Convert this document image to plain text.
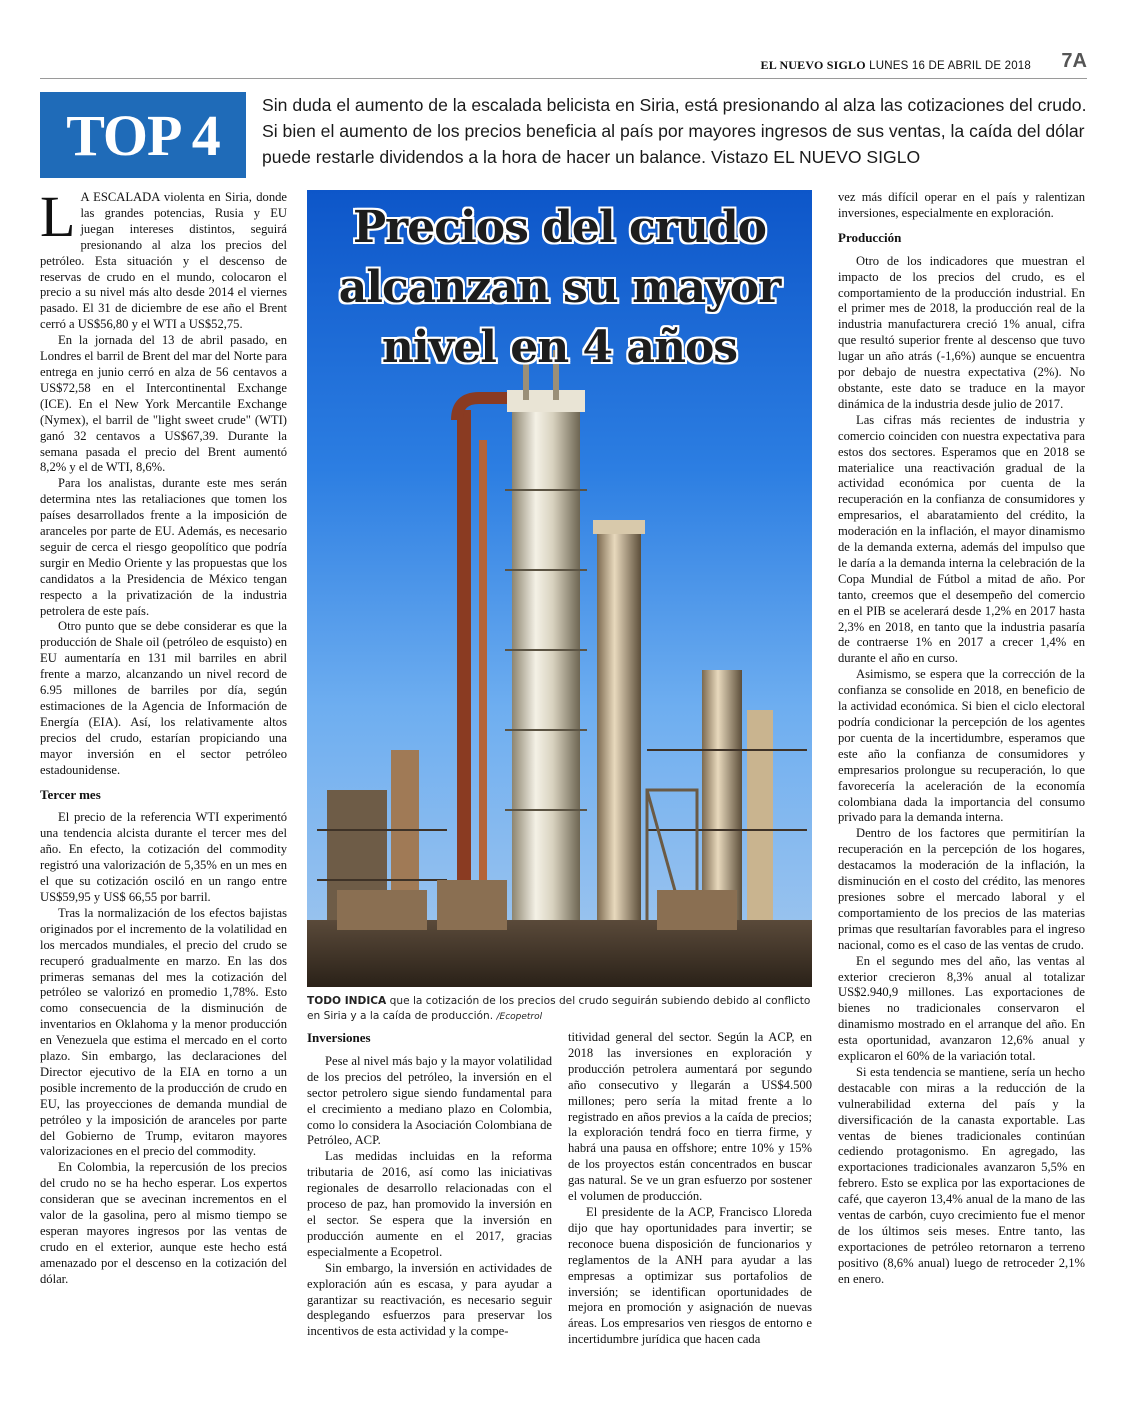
EL NUEVO SIGLO LUNES 16 DE ABRIL DE 2018 7A
TOP 4	Sin duda el aumento de la escalada belicista en Siria, está presionando al alza las cotizaciones del crudo. Si bien el aumento de los precios beneficia al país por mayores ingresos de sus ventas, la caída del dólar puede restarle dividendos a la hora de hacer un balance. Vistazo EL NUEVO SIGLO

L A ESCALADA violenta en Siria, donde las grandes potencias, Rusia y EU juegan intereses distintos, seguirá presionando al alza los precios del petróleo. Esta situación y el descenso de reservas de crudo en el mundo, colocaron el precio a su nivel más alto desde 2014 el viernes pasado. El 31 de diciembre de ese año el Brent cerró a US$56,80 y el WTI a US$52,75.

En la jornada del 13 de abril pasado, en Londres el barril de Brent del mar del Norte para entrega en junio cerró en alza de 56 centavos a US$72,58 en el Intercontinental Exchange (ICE). En el New York Mercantile Exchange (Nymex), el barril de "light sweet crude" (WTI) ganó 32 centavos a US$67,39. Durante la semana pasada el precio del Brent aumentó 8,2% y el de WTI, 8,6%.

Para los analistas, durante este mes serán determina ntes las retaliaciones que tomen los países desarrollados frente a la imposición de aranceles por parte de EU. Además, es necesario seguir de cerca el riesgo geopolítico que podría surgir en Medio Oriente y las propuestas que los candidatos a la Presidencia de México tengan respecto a la privatización de la industria petrolera de este país.

Otro punto que se debe considerar es que la producción de Shale oil (petróleo de esquisto) en EU aumentaría en 131 mil barriles en abril frente a marzo, alcanzando un nivel record de 6.95 millones de barriles por día, según estimaciones de la Agencia de Información de Energía (EIA). Así, los relativamente altos precios del crudo, estarían propiciando una mayor inversión en el sector petróleo estadounidense.

Tercer mes

El precio de la referencia WTI experimentó una tendencia alcista durante el tercer mes del año. En efecto, la cotización del commodity registró una valorización de 5,35% en un mes en el que su cotización osciló en un rango entre US$59,95 y US$ 66,55 por barril.

Tras la normalización de los efectos bajistas originados por el incremento de la volatilidad en los mercados mundiales, el precio del crudo se recuperó gradualmente en marzo. En las dos primeras semanas del mes la cotización del petróleo se valorizó en promedio 1,78%. Esto como consecuencia de la disminución de inventarios en Oklahoma y la menor producción en Venezuela que estima el mercado en el corto plazo. Sin embargo, las declaraciones del Director ejecutivo de la EIA en torno a un posible incremento de la producción de crudo en EU, las proyecciones de demanda mundial de petróleo y la imposición de aranceles por parte del Gobierno de Trump, evitaron mayores valorizaciones en el precio del commodity.

En Colombia, la repercusión de los precios del crudo no se ha hecho esperar. Los expertos consideran que se avecinan incrementos en el valor de la gasolina, pero al mismo tiempo se esperan mayores ingresos por las ventas de crudo en el exterior, aunque este hecho está amenazado por el descenso en la cotización del dólar.

Precios del crudo
alcanzan su mayor
nivel en 4 años
TODO INDICA que la cotización de los precios del crudo seguirán subiendo debido al conflicto en Siria y a la caída de producción. /Ecopetrol
Inversiones

Pese al nivel más bajo y la mayor volatilidad de los precios del petróleo, la inversión en el sector petrolero sigue siendo fundamental para el crecimiento a mediano plazo en Colombia, como lo considera la Asociación Colombiana de Petróleo, ACP.

Las medidas incluidas en la reforma tributaria de 2016, así como las iniciativas regionales de desarrollo relacionadas con el proceso de paz, han promovido la inversión en el sector. Se espera que la inversión en producción aumente en el 2017, gracias especialmente a Ecopetrol.

Sin embargo, la inversión en actividades de exploración aún es escasa, y para ayudar a garantizar su reactivación, es necesario seguir desplegando esfuerzos para preservar los incentivos de esta actividad y la compe-

titividad general del sector. Según la ACP, en 2018 las inversiones en exploración y producción petrolera aumentará por segundo año consecutivo y llegarán a US$4.500 millones; pero sería la mitad frente a lo registrado en años previos a la caída de precios; la exploración tendrá foco en tierra firme, y habrá una pausa en offshore; entre 10% y 15% de los proyectos están concentrados en buscar gas natural. Se ve un gran esfuerzo por sostener el volumen de producción.

El presidente de la ACP, Francisco Lloreda dijo que hay oportunidades para invertir; se reconoce buena disposición de funcionarios y reglamentos de la ANH para ayudar a las empresas a optimizar sus portafolios de inversión; se identifican oportunidades de mejora en promoción y asignación de nuevas áreas. Los empresarios ven riesgos de entorno e incertidumbre jurídica que hacen cada

vez más difícil operar en el país y ralentizan inversiones, especialmente en exploración.

Producción

Otro de los indicadores que muestran el impacto de los precios del crudo, es el comportamiento de la producción industrial. En el primer mes de 2018, la producción real de la industria manufacturera creció 1% anual, cifra que resultó superior frente al descenso que tuvo lugar un año atrás (-1,6%) aunque se encuentra por debajo de nuestra expectativa (2%). No obstante, este dato se traduce en la mayor dinámica de la industria desde julio de 2017.

Las cifras más recientes de industria y comercio coinciden con nuestra expectativa para estos dos sectores. Esperamos que en 2018 se materialice una reactivación gradual de la actividad económica por cuenta de la recuperación en la confianza de consumidores y empresarios, el abaratamiento del crédito, la moderación en la inflación, el mayor dinamismo de la demanda externa, además del impulso que le daría a la demanda interna la celebración de la Copa Mundial de Fútbol a mitad de año. Por tanto, creemos que el desempeño del comercio en el PIB se acelerará desde 1,2% en 2017 hasta 2,3% en 2018, en tanto que la industria pasaría de contraerse 1% en 2017 a crecer 1,4% en durante el año en curso.

Asimismo, se espera que la corrección de la confianza se consolide en 2018, en beneficio de la actividad económica. Si bien el ciclo electoral podría condicionar la percepción de los agentes por cuenta de la incertidumbre, esperamos que este año la confianza de consumidores y empresarios prolongue su recuperación, lo que favorecería la aceleración de la economía colombiana dada la importancia del consumo privado para la demanda interna.

Dentro de los factores que permitirían la recuperación en la percepción de los hogares, destacamos la moderación de la inflación, la disminución en el costo del crédito, las menores presiones sobre el mercado laboral y el comportamiento de los precios de las materias primas que resultarían favorables para el ingreso nacional, como es el caso de las ventas de crudo.

En el segundo mes del año, las ventas al exterior crecieron 8,3% anual al totalizar US$2.940,9 millones. Las exportaciones de bienes no tradicionales conservaron el dinamismo mostrado en el arranque del año. En esta oportunidad, avanzaron 12,6% anual y explicaron el 60% de la variación total.

Si esta tendencia se mantiene, sería un hecho destacable con miras a la reducción de la vulnerabilidad externa del país y la diversificación de la canasta exportable. Las ventas de bienes tradicionales continúan cediendo protagonismo. En agregado, las exportaciones tradicionales avanzaron 5,5% en febrero. Esto se explica por las exportaciones de café, que cayeron 13,4% anual de la mano de las ventas de carbón, cuyo crecimiento fue el menor de los últimos seis meses. Entre tanto, las exportaciones de petróleo retornaron a terreno positivo (8,6% anual) luego de retroceder 2,1% en enero.
